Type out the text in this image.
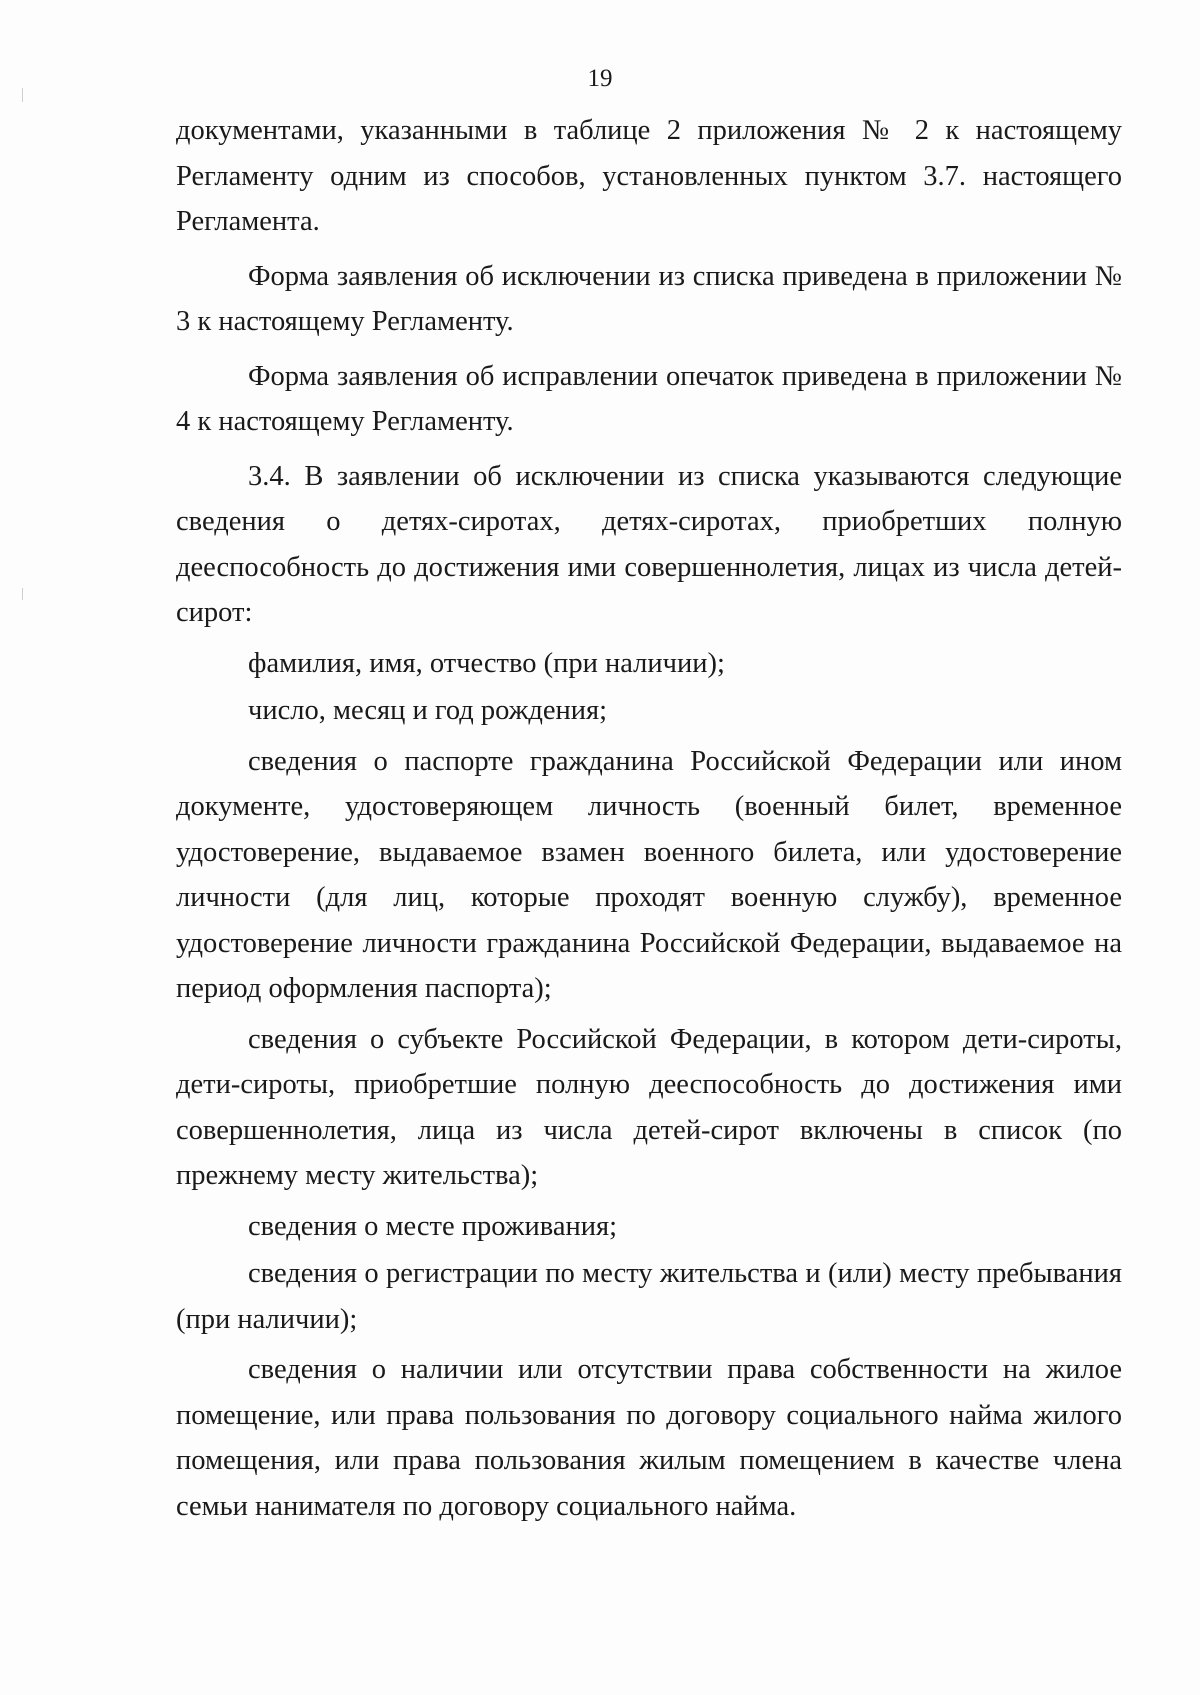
19

документами, указанными в таблице 2 приложения № 2 к настоящему Регламенту одним из способов, установленных пунктом 3.7. настоящего Регламента.

Форма заявления об исключении из списка приведена в приложении № 3 к настоящему Регламенту.

Форма заявления об исправлении опечаток приведена в приложении № 4 к настоящему Регламенту.

3.4. В заявлении об исключении из списка указываются следующие сведения о детях-сиротах, детях-сиротах, приобретших полную дееспособность до достижения ими совершеннолетия, лицах из числа детей-сирот:

фамилия, имя, отчество (при наличии);

число, месяц и год рождения;

сведения о паспорте гражданина Российской Федерации или ином документе, удостоверяющем личность (военный билет, временное удостоверение, выдаваемое взамен военного билета, или удостоверение личности (для лиц, которые проходят военную службу), временное удостоверение личности гражданина Российской Федерации, выдаваемое на период оформления паспорта);

сведения о субъекте Российской Федерации, в котором дети-сироты, дети-сироты, приобретшие полную дееспособность до достижения ими совершеннолетия, лица из числа детей-сирот включены в список (по прежнему месту жительства);

сведения о месте проживания;

сведения о регистрации по месту жительства и (или) месту пребывания (при наличии);

сведения о наличии или отсутствии права собственности на жилое помещение, или права пользования по договору социального найма жилого помещения, или права пользования жилым помещением в качестве члена семьи нанимателя по договору социального найма.
